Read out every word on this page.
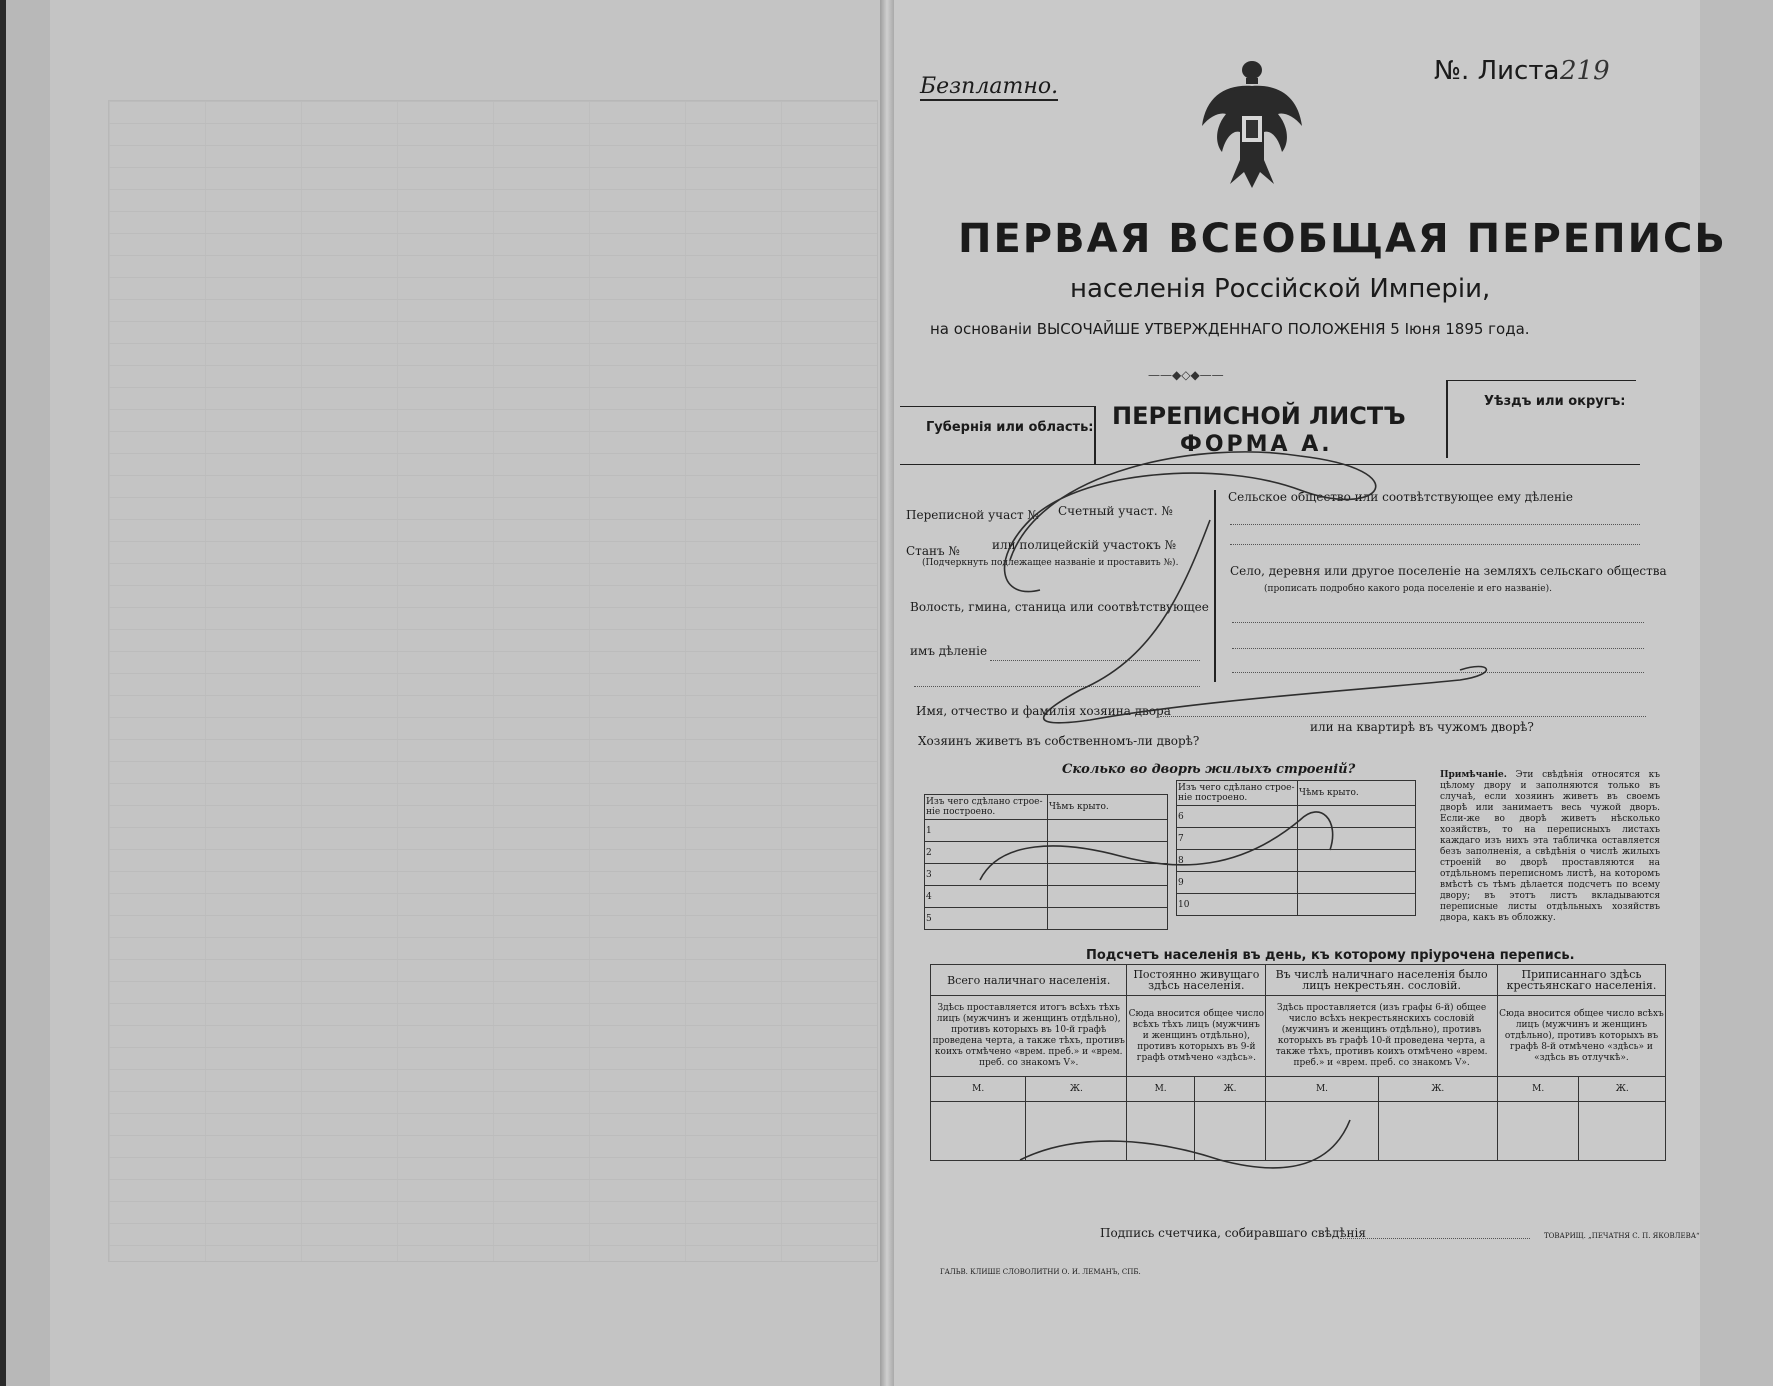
Безплатно.
№. Листа 219
ПЕРВАЯ ВСЕОБЩАЯ ПЕРЕПИСЬ
населенія Россійской Имперіи,
на основаніи ВЫСОЧАЙШЕ УТВЕРЖДЕННАГО ПОЛОЖЕНІЯ 5 Іюня 1895 года.
——◆◇◆——
Губернія или область: ПЕРЕПИСНОЙ ЛИСТЪ
ФОРМА А.
Уѣздъ или округъ:
Переписной участ № Счетный участ. №
Станъ №	или полицейскій участокъ №
(Подчеркнуть подлежащее названіе и проставить №).
Волость, гмина, станица или соотвѣтствующее
имъ дѣленіе
Сельское общество или соотвѣтствующее ему дѣленіе
Село, деревня или другое поселеніе на земляхъ сельскаго общества
(прописать подробно какого рода поселеніе и его названіе).
Имя, отчество и фамилія хозяина двора
Хозяинъ живетъ въ собственномъ-ли дворѣ?
или на квартирѣ въ чужомъ дворѣ?
Сколько во дворѣ жилыхъ строеній?
Изъ чего сдѣлано строе-ніе построено.	Чѣмъ крыто.
1	
2	
3	
4	
5	
Изъ чего сдѣлано строе-ніе построено.	Чѣмъ крыто.
6	
7	
8	
9	
10	
Примѣчаніе. Эти свѣдѣнія относятся къ цѣлому двору и заполняются только въ случаѣ, если хозяинъ живетъ въ своемъ дворѣ или занимаетъ весь чужой дворъ. Если-же во дворѣ живетъ нѣсколько хозяйствъ, то на переписныхъ листахъ каждаго изъ нихъ эта табличка оставляется безъ заполненія, а свѣдѣнія о числѣ жилыхъ строеній во дворѣ проставляются на отдѣльномъ переписномъ листѣ, на которомъ вмѣстѣ съ тѣмъ дѣлается подсчетъ по всему двору; въ этотъ листъ вкладываются переписные листы отдѣльныхъ хозяйствъ двора, какъ въ обложку.
Подсчетъ населенія въ день, къ которому пріурочена перепись.
Всего наличнаго населенія.		Постоянно живущаго здѣсь населенія.		Въ числѣ наличнаго населенія было лицъ некрестьян. сословій.		Приписаннаго здѣсь крестьянскаго населенія.	
Здѣсь проставляется итогъ всѣхъ тѣхъ лицъ (мужчинъ и женщинъ отдѣльно), противъ которыхъ въ 10-й графѣ проведена черта, а также тѣхъ, противъ коихъ отмѣчено «врем. преб.» и «врем. преб. со знакомъ V».		Сюда вносится общее число всѣхъ тѣхъ лицъ (мужчинъ и женщинъ отдѣльно), противъ которыхъ въ 9-й графѣ отмѣчено «здѣсь».		Здѣсь проставляется (изъ графы 6-й) общее число всѣхъ некрестьянскихъ сословій (мужчинъ и женщинъ отдѣльно), противъ которыхъ въ графѣ 10-й проведена черта, а также тѣхъ, противъ коихъ отмѣчено «врем. преб.» и «врем. преб. со знакомъ V».		Сюда вносится общее число всѣхъ лицъ (мужчинъ и женщинъ отдѣльно), противъ которыхъ въ графѣ 8-й отмѣчено «здѣсь» и «здѣсь въ отлучкѣ».	
М.	Ж.	М.	Ж.	М.	Ж.	М.	Ж.

Подпись счетчика, собиравшаго свѣдѣнія
ГАЛЬВ. КЛИШЕ СЛОВОЛИТНИ О. И. ЛЕМАНЪ, СПБ.
ТОВАРИЩ. „ПЕЧАТНЯ С. П. ЯКОВЛЕВА“
